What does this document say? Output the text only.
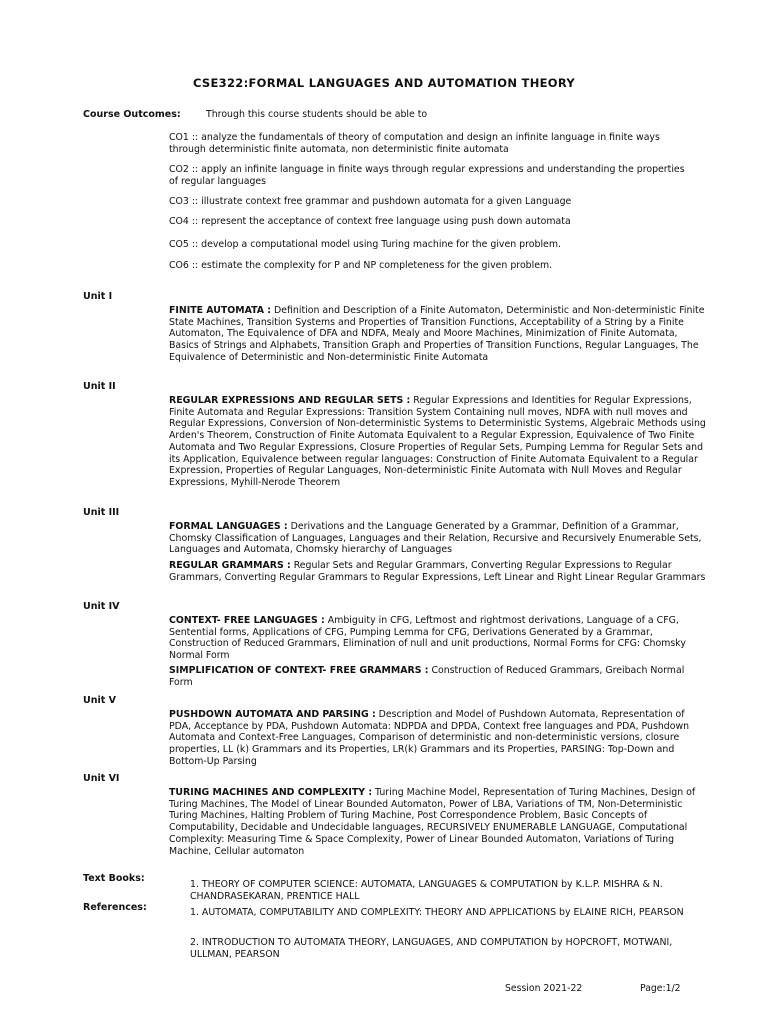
CSE322:FORMAL LANGUAGES AND AUTOMATION THEORY
Course Outcomes:	Through this course students should be able to
CO1 :: analyze the fundamentals of theory of computation and design an infinite language in finite ways through deterministic finite automata, non deterministic finite automata
CO2 :: apply an infinite language in finite ways through regular expressions and understanding the properties of regular languages
CO3 :: illustrate context free grammar and pushdown automata for a given Language
CO4 :: represent the acceptance of context free language using push down automata
CO5 :: develop a computational model using Turing machine for the given problem.
CO6 :: estimate the complexity for P and NP completeness for the given problem.
Unit I
FINITE AUTOMATA : Definition and Description of a Finite Automaton, Deterministic and Non-deterministic Finite State Machines, Transition Systems and Properties of Transition Functions, Acceptability of a String by a Finite Automaton, The Equivalence of DFA and NDFA, Mealy and Moore Machines, Minimization of Finite Automata, Basics of Strings and Alphabets, Transition Graph and Properties of Transition Functions, Regular Languages, The Equivalence of Deterministic and Non-deterministic Finite Automata
Unit II
REGULAR EXPRESSIONS AND REGULAR SETS : Regular Expressions and Identities for Regular Expressions, Finite Automata and Regular Expressions: Transition System Containing null moves, NDFA with null moves and Regular Expressions, Conversion of Non-deterministic Systems to Deterministic Systems, Algebraic Methods using Arden's Theorem, Construction of Finite Automata Equivalent to a Regular Expression, Equivalence of Two Finite Automata and Two Regular Expressions, Closure Properties of Regular Sets, Pumping Lemma for Regular Sets and its Application, Equivalence between regular languages: Construction of Finite Automata Equivalent to a Regular Expression, Properties of Regular Languages, Non-deterministic Finite Automata with Null Moves and Regular Expressions, Myhill-Nerode Theorem
Unit III
FORMAL LANGUAGES : Derivations and the Language Generated by a Grammar, Definition of a Grammar, Chomsky Classification of Languages, Languages and their Relation, Recursive and Recursively Enumerable Sets, Languages and Automata, Chomsky hierarchy of Languages
REGULAR GRAMMARS : Regular Sets and Regular Grammars, Converting Regular Expressions to Regular Grammars, Converting Regular Grammars to Regular Expressions, Left Linear and Right Linear Regular Grammars
Unit IV
CONTEXT- FREE LANGUAGES : Ambiguity in CFG, Leftmost and rightmost derivations, Language of a CFG, Sentential forms, Applications of CFG, Pumping Lemma for CFG, Derivations Generated by a Grammar, Construction of Reduced Grammars, Elimination of null and unit productions, Normal Forms for CFG: Chomsky Normal Form
SIMPLIFICATION OF CONTEXT- FREE GRAMMARS : Construction of Reduced Grammars, Greibach Normal Form
Unit V
PUSHDOWN AUTOMATA AND PARSING : Description and Model of Pushdown Automata, Representation of PDA, Acceptance by PDA, Pushdown Automata: NDPDA and DPDA, Context free languages and PDA, Pushdown Automata and Context-Free Languages, Comparison of deterministic and non-deterministic versions, closure properties, LL (k) Grammars and its Properties, LR(k) Grammars and its Properties, PARSING: Top-Down and Bottom-Up Parsing
Unit VI
TURING MACHINES AND COMPLEXITY : Turing Machine Model, Representation of Turing Machines, Design of Turing Machines, The Model of Linear Bounded Automaton, Power of LBA, Variations of TM, Non-Deterministic Turing Machines, Halting Problem of Turing Machine, Post Correspondence Problem, Basic Concepts of Computability, Decidable and Undecidable languages, RECURSIVELY ENUMERABLE LANGUAGE, Computational Complexity: Measuring Time & Space Complexity, Power of Linear Bounded Automaton, Variations of Turing Machine, Cellular automaton
Text Books:
1. THEORY OF COMPUTER SCIENCE: AUTOMATA, LANGUAGES & COMPUTATION by K.L.P. MISHRA & N. CHANDRASEKARAN, PRENTICE HALL
References:	1. AUTOMATA, COMPUTABILITY AND COMPLEXITY: THEORY AND APPLICATIONS by ELAINE RICH, PEARSON
2. INTRODUCTION TO AUTOMATA THEORY, LANGUAGES, AND COMPUTATION by HOPCROFT, MOTWANI, ULLMAN, PEARSON
Session 2021-22	Page:1/2
